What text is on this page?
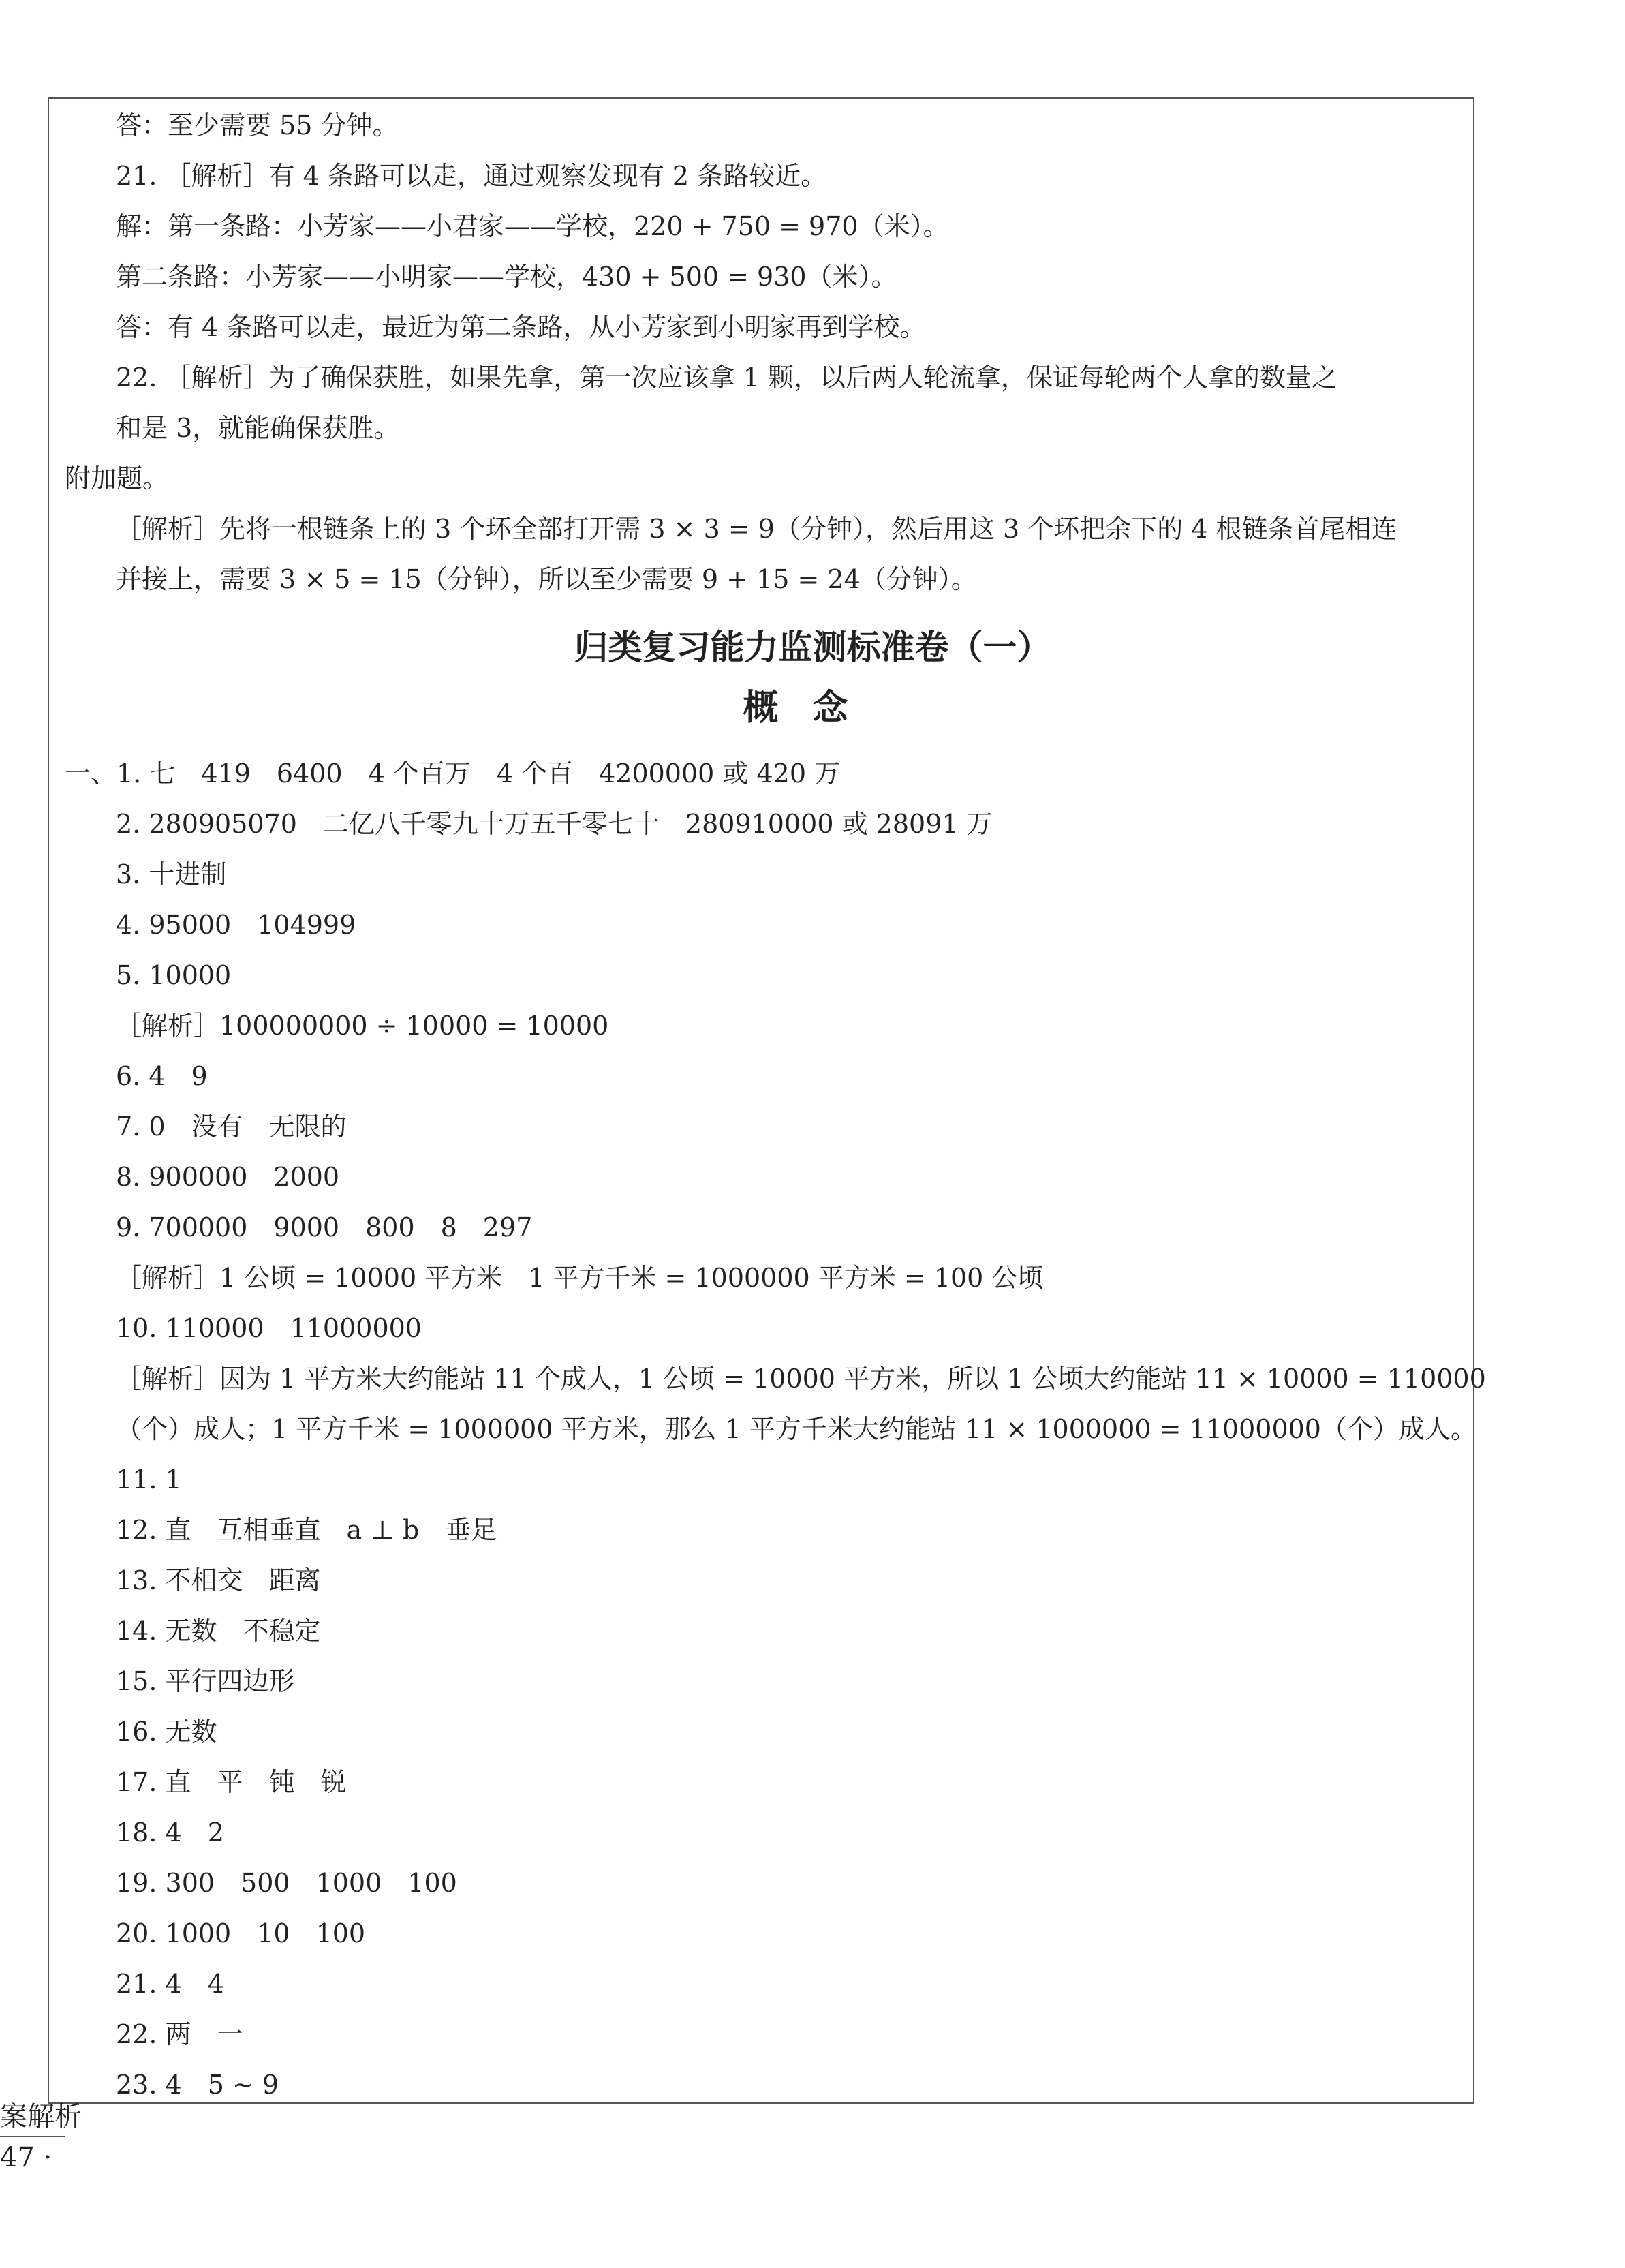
答：至少需要 55 分钟。
21. ［解析］有 4 条路可以走，通过观察发现有 2 条路较近。
解：第一条路：小芳家——小君家——学校，220 + 750 = 970（米）。
第二条路：小芳家——小明家——学校，430 + 500 = 930（米）。
答：有 4 条路可以走，最近为第二条路，从小芳家到小明家再到学校。
22. ［解析］为了确保获胜，如果先拿，第一次应该拿 1 颗，以后两人轮流拿，保证每轮两个人拿的数量之
和是 3，就能确保获胜。
附加题。
［解析］先将一根链条上的 3 个环全部打开需 3 × 3 = 9（分钟），然后用这 3 个环把余下的 4 根链条首尾相连
并接上，需要 3 × 5 = 15（分钟），所以至少需要 9 + 15 = 24（分钟）。
归类复习能力监测标准卷（一）
概念
一、1. 七　419　6400　4 个百万　4 个百　4200000 或 420 万
2. 280905070　二亿八千零九十万五千零七十　280910000 或 28091 万
3. 十进制
4. 95000　104999
5. 10000
［解析］100000000 ÷ 10000 = 10000
6. 4　9
7. 0　没有　无限的
8. 900000　2000
9. 700000　9000　800　8　297
［解析］1 公顷 = 10000 平方米　1 平方千米 = 1000000 平方米 = 100 公顷
10. 110000　11000000
［解析］因为 1 平方米大约能站 11 个成人，1 公顷 = 10000 平方米，所以 1 公顷大约能站 11 × 10000 = 110000
（个）成人；1 平方千米 = 1000000 平方米，那么 1 平方千米大约能站 11 × 1000000 = 11000000（个）成人。
11. 1
12. 直　互相垂直　a ⊥ b　垂足
13. 不相交　距离
14. 无数　不稳定
15. 平行四边形
16. 无数
17. 直　平　钝　锐
18. 4　2
19. 300　500　1000　100
20. 1000　10　100
21. 4　4
22. 两　一
23. 4　5 ~ 9
案解析
47 ·
